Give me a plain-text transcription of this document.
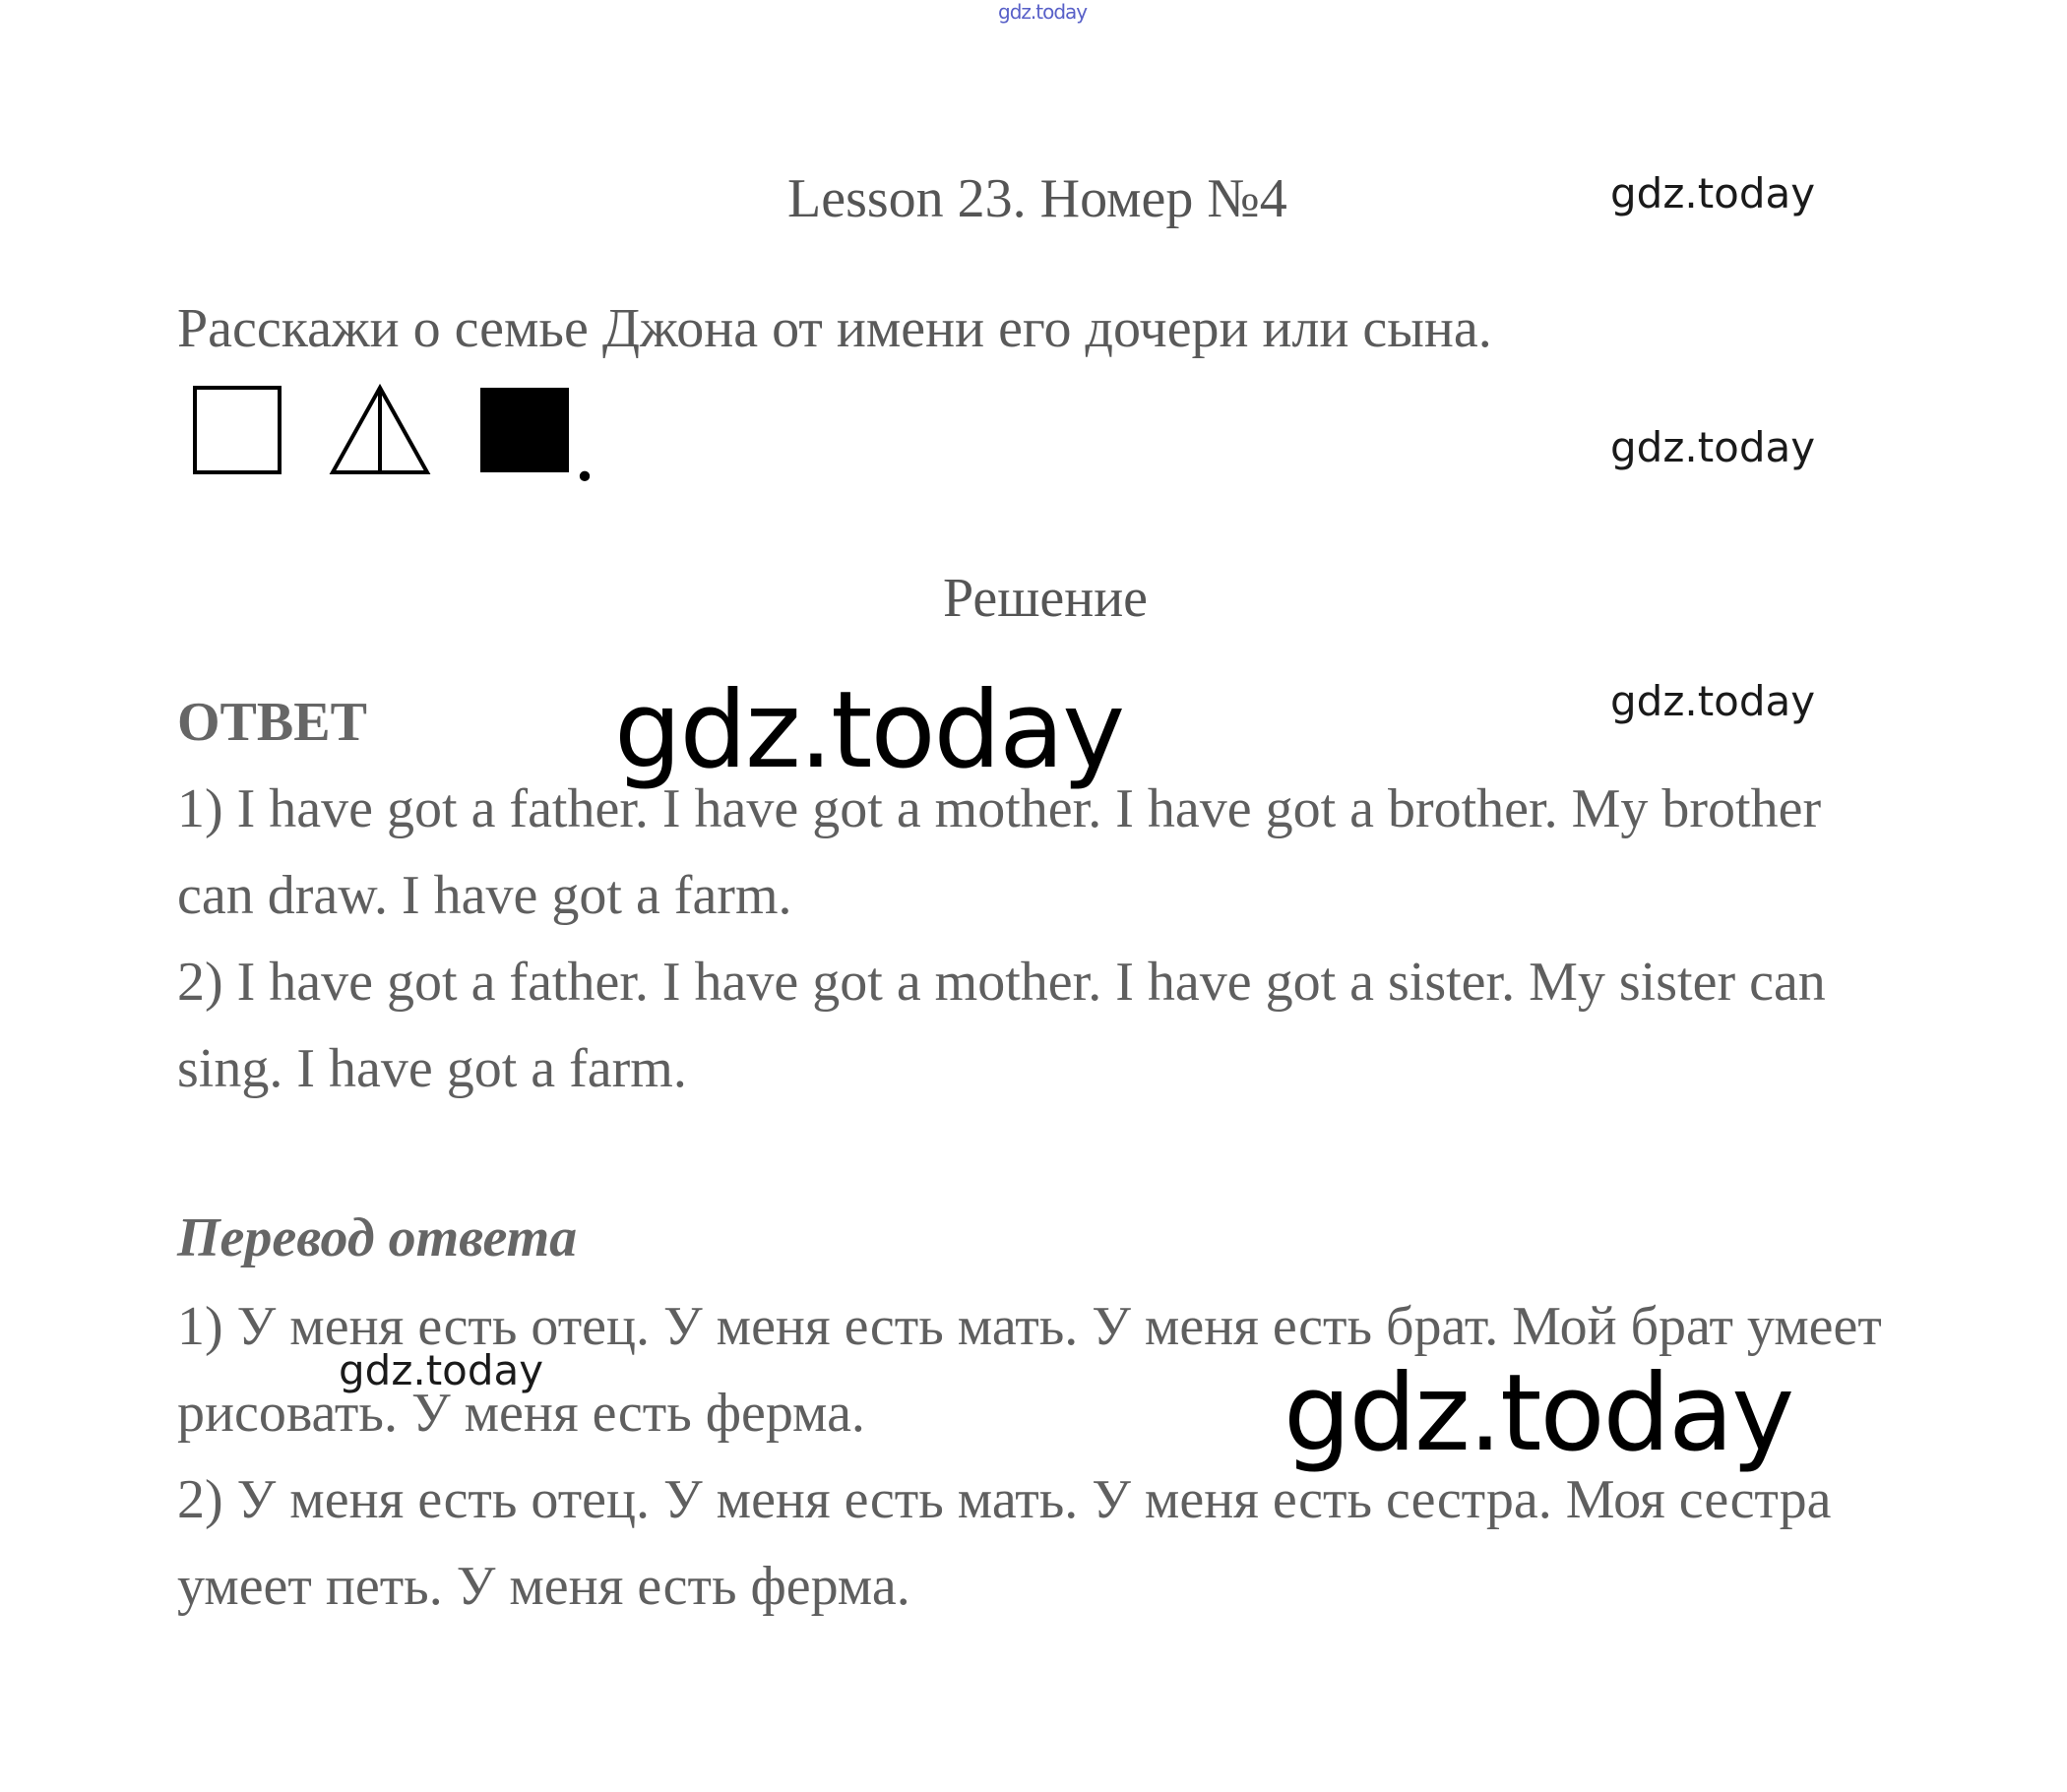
gdz.today
Lesson 23. Номер №4	gdz.today
Расскажи о семье Джона от имени его дочери или сына.
.	gdz.today
Решение
ОТВЕТ	gdz.today
1) I have got a father. I have got a mother. I have got a brother. My brother can draw. I have got a farm.
2) I have got a father. I have got a mother. I have got a sister. My sister can sing. I have got a farm.
Перевод ответа
1) У меня есть отец. У меня есть мать. У меня есть брат. Мой брат умеет рисовать. У меня есть ферма.
2) У меня есть отец. У меня есть мать. У меня есть сестра. Моя сестра умеет петь. У меня есть ферма.
gdz.today
gdz.today	gdz.today
